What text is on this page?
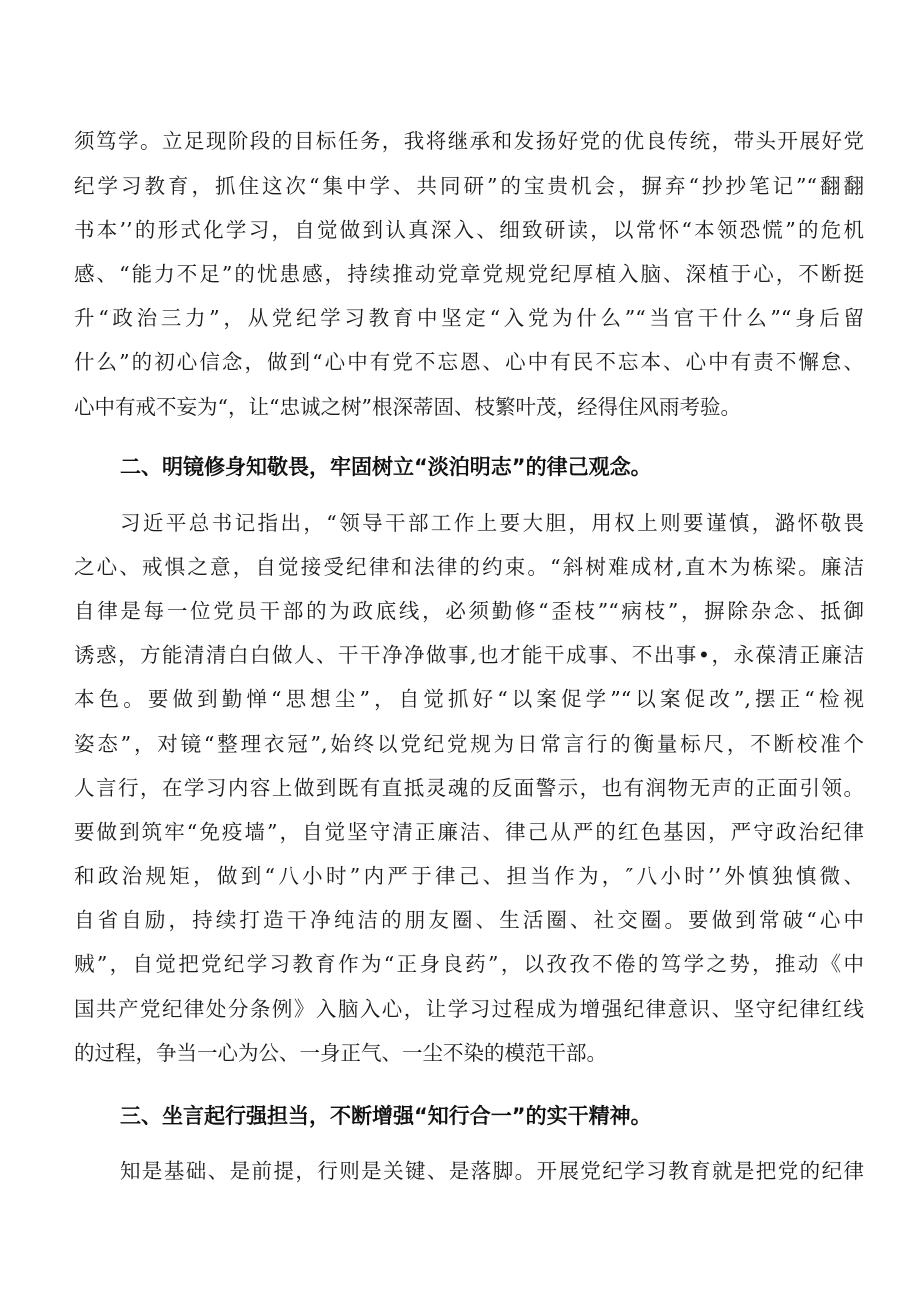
须笃学。立足现阶段的目标任务，我将继承和发扬好党的优良传统，带头开展好党
纪学习教育，抓住这次“集中学、共同研”的宝贵机会，摒弃“抄抄笔记”“翻翻
书本’’的形式化学习，自觉做到认真深入、细致研读，以常怀“本领恐慌”的危机
感、“能力不足”的忧患感，持续推动党章党规党纪厚植入脑、深植于心，不断挺
升“政治三力”，从党纪学习教育中坚定“入党为什么”“当官干什么”“身后留
什么”的初心信念，做到“心中有党不忘恩、心中有民不忘本、心中有责不懈怠、
心中有戒不妄为“，让“忠诚之树”根深蒂固、枝繁叶茂，经得住风雨考验。
二、明镜修身知敬畏，牢固树立“淡泊明志”的律己观念。
习近平总书记指出，“领导干部工作上要大胆，用权上则要谨慎，潞怀敬畏
之心、戒惧之意，自觉接受纪律和法律的约束。“斜树难成材,直木为栋梁。廉洁
自律是每一位党员干部的为政底线，必须勤修“歪枝”“病枝”，摒除杂念、抵御
诱惑，方能清清白白做人、干干净净做事,也才能干成事、不出事•，永葆清正廉洁
本色。要做到勤惮“思想尘”，自觉抓好“以案促学”“以案促改”,摆正“检视
姿态”，对镜“整理衣冠”,始终以党纪党规为日常言行的衡量标尺，不断校准个
人言行，在学习内容上做到既有直抵灵魂的反面警示，也有润物无声的正面引领。
要做到筑牢“免疫墙”，自觉坚守清正廉洁、律己从严的红色基因，严守政治纪律
和政治规矩，做到“八小时”内严于律己、担当作为，″八小时’’外慎独慎微、
自省自励，持续打造干净纯洁的朋友圈、生活圈、社交圈。要做到常破“心中
贼”，自觉把党纪学习教育作为“正身良药”，以孜孜不倦的笃学之势，推动《中
国共产党纪律处分条例》入脑入心，让学习过程成为增强纪律意识、坚守纪律红线
的过程，争当一心为公、一身正气、一尘不染的模范干部。
三、坐言起行强担当，不断增强“知行合一”的实干精神。
知是基础、是前提，行则是关键、是落脚。开展党纪学习教育就是把党的纪律
